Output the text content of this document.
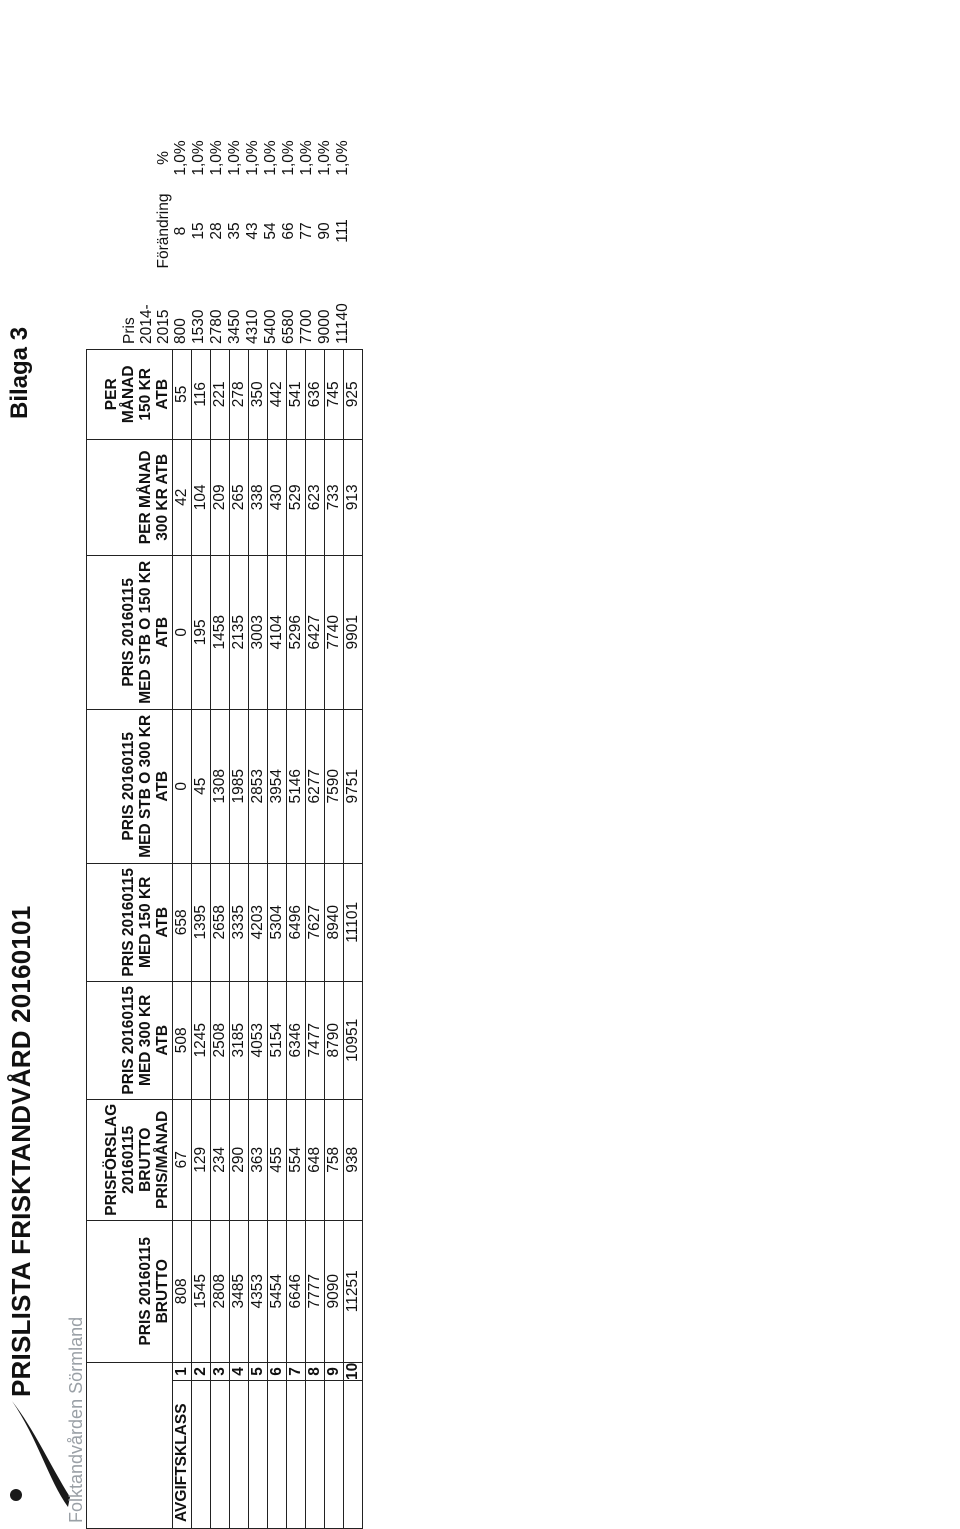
PRISLISTA FRISKTANDVÅRD 20160101
Bilaga 3
Folktandvården Sörmland
		PRIS 20160115 BRUTTO	PRISFÖRSLAG 20160115 BRUTTO PRIS/MÅNAD	PRIS 20160115 MED 300 KR ATB	PRIS 20160115 MED 150 KR ATB	PRIS 20160115 MED STB O 300 KR ATB	PRIS 20160115 MED STB O 150 KR ATB	PER MÅNAD 300 KR ATB	PER MÅNAD 150 KR ATB
AVGIFTSKLASS	1	808	67	508	658	0	0	42	55
	2	1545	129	1245	1395	45	195	104	116
	3	2808	234	2508	2658	1308	1458	209	221
	4	3485	290	3185	3335	1985	2135	265	278
	5	4353	363	4053	4203	2853	3003	338	350
	6	5454	455	5154	5304	3954	4104	430	442
	7	6646	554	6346	6496	5146	5296	529	541
	8	7777	648	7477	7627	6277	6427	623	636
	9	9090	758	8790	8940	7590	7740	733	745
	10	11251	938	10951	11101	9751	9901	913	925
Pris 2014-2015	Förändring	%
800	8	1,0%
1530	15	1,0%
2780	28	1,0%
3450	35	1,0%
4310	43	1,0%
5400	54	1,0%
6580	66	1,0%
7700	77	1,0%
9000	90	1,0%
11140	111	1,0%
